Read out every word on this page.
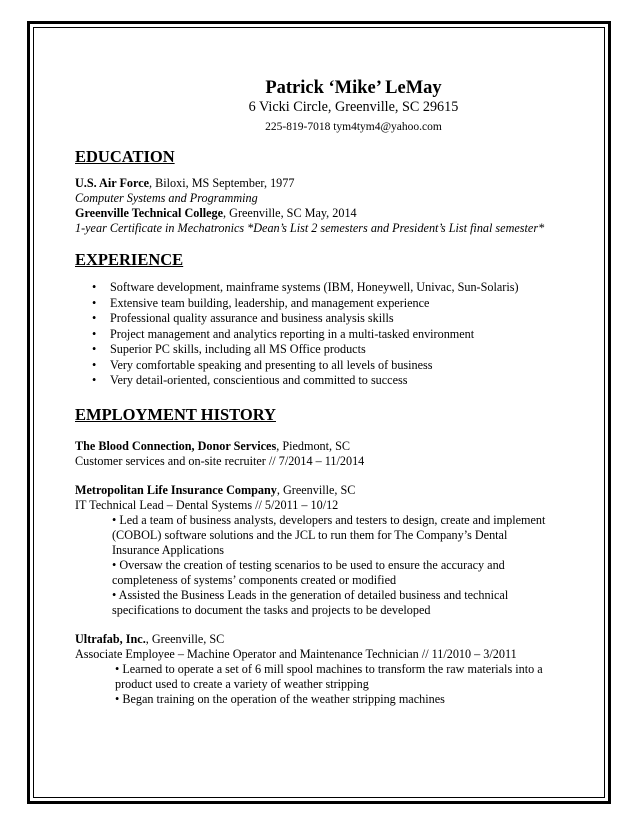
Patrick ‘Mike’ LeMay
6 Vicki Circle, Greenville, SC 29615
225-819-7018 tym4tym4@yahoo.com
EDUCATION
U.S. Air Force, Biloxi, MS September, 1977
Computer Systems and Programming
Greenville Technical College, Greenville, SC May, 2014
1-year Certificate in Mechatronics *Dean’s List 2 semesters and President’s List final semester*
EXPERIENCE
• Software development, mainframe systems (IBM, Honeywell, Univac, Sun-Solaris)
• Extensive team building, leadership, and management experience
• Professional quality assurance and business analysis skills
• Project management and analytics reporting in a multi-tasked environment
• Superior PC skills, including all MS Office products
• Very comfortable speaking and presenting to all levels of business
• Very detail-oriented, conscientious and committed to success
EMPLOYMENT HISTORY
The Blood Connection, Donor Services, Piedmont, SC
Customer services and on-site recruiter // 7/2014 – 11/2014
Metropolitan Life Insurance Company, Greenville, SC
IT Technical Lead – Dental Systems // 5/2011 – 10/12
• Led a team of business analysts, developers and testers to design, create and implement
(COBOL) software solutions and the JCL to run them for The Company’s Dental
Insurance Applications
• Oversaw the creation of testing scenarios to be used to ensure the accuracy and
completeness of systems’ components created or modified
• Assisted the Business Leads in the generation of detailed business and technical
specifications to document the tasks and projects to be developed
Ultrafab, Inc., Greenville, SC
Associate Employee – Machine Operator and Maintenance Technician // 11/2010 – 3/2011
• Learned to operate a set of 6 mill spool machines to transform the raw materials into a
product used to create a variety of weather stripping
• Began training on the operation of the weather stripping machines
